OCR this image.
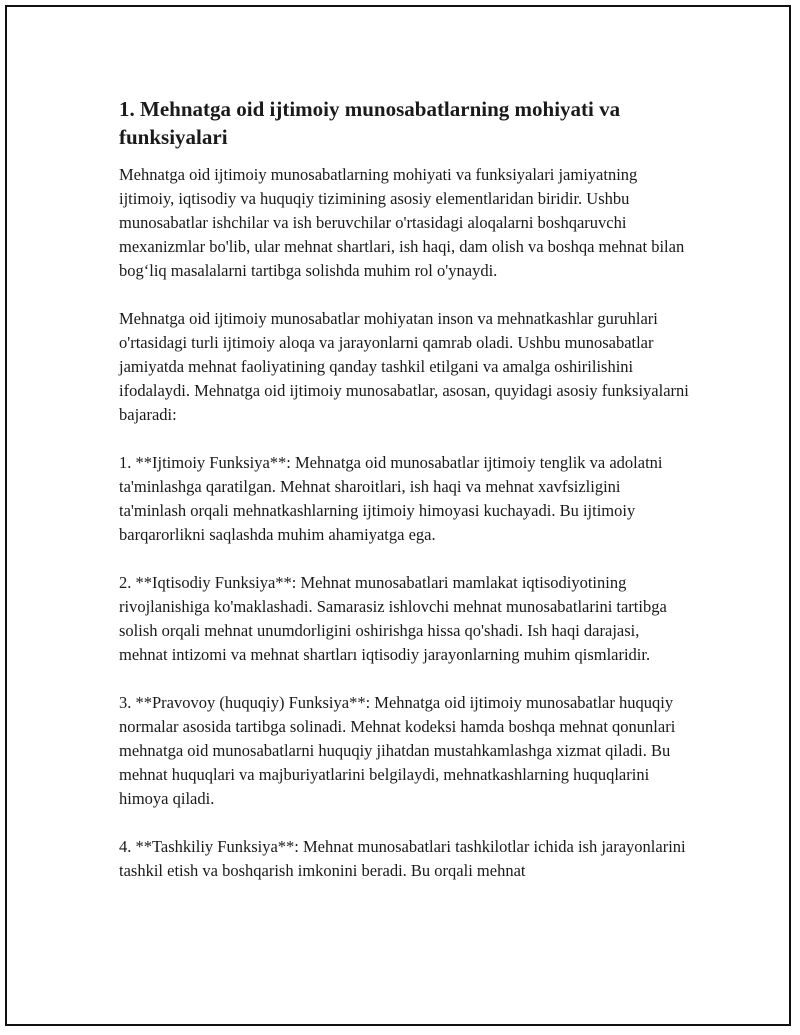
1. Mehnatga oid ijtimoiy munosabatlarning mohiyati va funksiyalari

Mehnatga oid ijtimoiy munosabatlarning mohiyati va funksiyalari jamiyatning ijtimoiy, iqtisodiy va huquqiy tizimining asosiy elementlaridan biridir. Ushbu munosabatlar ishchilar va ish beruvchilar o'rtasidagi aloqalarni boshqaruvchi mexanizmlar bo'lib, ular mehnat shartlari, ish haqi, dam olish va boshqa mehnat bilan bog‘liq masalalarni tartibga solishda muhim rol o'ynaydi.

Mehnatga oid ijtimoiy munosabatlar mohiyatan inson va mehnatkashlar guruhlari o'rtasidagi turli ijtimoiy aloqa va jarayonlarni qamrab oladi. Ushbu munosabatlar jamiyatda mehnat faoliyatining qanday tashkil etilgani va amalga oshirilishini ifodalaydi. Mehnatga oid ijtimoiy munosabatlar, asosan, quyidagi asosiy funksiyalarni bajaradi:

1. **Ijtimoiy Funksiya**: Mehnatga oid munosabatlar ijtimoiy tenglik va adolatni ta'minlashga qaratilgan. Mehnat sharoitlari, ish haqi va mehnat xavfsizligini ta'minlash orqali mehnatkashlarning ijtimoiy himoyasi kuchayadi. Bu ijtimoiy barqarorlikni saqlashda muhim ahamiyatga ega.

2. **Iqtisodiy Funksiya**: Mehnat munosabatlari mamlakat iqtisodiyotining rivojlanishiga ko'maklashadi. Samarasiz ishlovchi mehnat munosabatlarini tartibga solish orqali mehnat unumdorligini oshirishga hissa qo'shadi. Ish haqi darajasi, mehnat intizomi va mehnat shartları iqtisodiy jarayonlarning muhim qismlaridir.

3. **Pravovoy (huquqiy) Funksiya**: Mehnatga oid ijtimoiy munosabatlar huquqiy normalar asosida tartibga solinadi. Mehnat kodeksi hamda boshqa mehnat qonunlari mehnatga oid munosabatlarni huquqiy jihatdan mustahkamlashga xizmat qiladi. Bu mehnat huquqlari va majburiyatlarini belgilaydi, mehnatkashlarning huquqlarini himoya qiladi.

4. **Tashkiliy Funksiya**: Mehnat munosabatlari tashkilotlar ichida ish jarayonlarini tashkil etish va boshqarish imkonini beradi. Bu orqali mehnat
